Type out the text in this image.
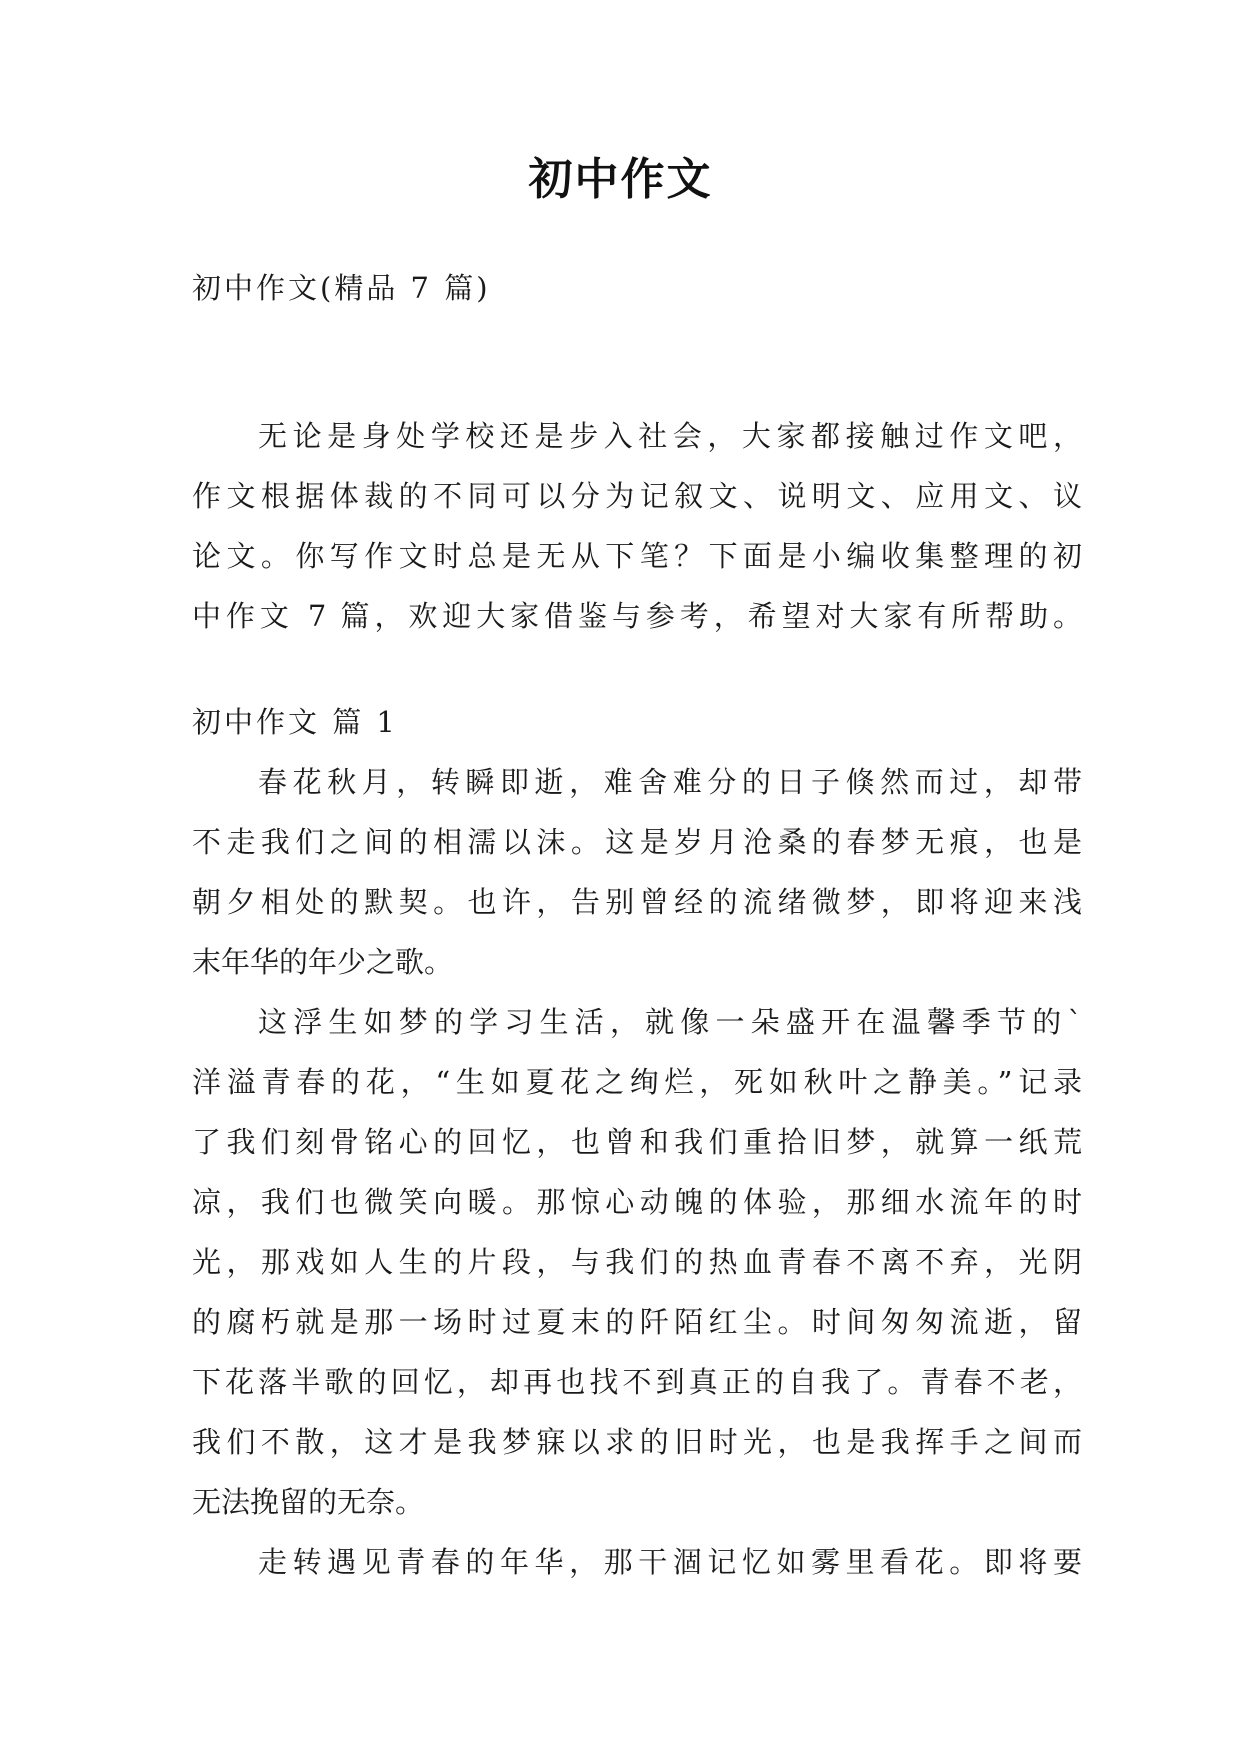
初中作文
初中作文(精品 7 篇)
无论是身处学校还是步入社会，大家都接触过作文吧，
作文根据体裁的不同可以分为记叙文、说明文、应用文、议
论文。你写作文时总是无从下笔？下面是小编收集整理的初
中作文 7 篇，欢迎大家借鉴与参考，希望对大家有所帮助。
初中作文 篇 1
春花秋月，转瞬即逝，难舍难分的日子倏然而过，却带
不走我们之间的相濡以沫。这是岁月沧桑的春梦无痕，也是
朝夕相处的默契。也许，告别曾经的流绪微梦，即将迎来浅
末年华的年少之歌。
这浮生如梦的学习生活，就像一朵盛开在温馨季节的`
洋溢青春的花，“生如夏花之绚烂，死如秋叶之静美。”记录
了我们刻骨铭心的回忆，也曾和我们重拾旧梦，就算一纸荒
凉，我们也微笑向暖。那惊心动魄的体验，那细水流年的时
光，那戏如人生的片段，与我们的热血青春不离不弃，光阴
的腐朽就是那一场时过夏末的阡陌红尘。时间匆匆流逝，留
下花落半歌的回忆，却再也找不到真正的自我了。青春不老，
我们不散，这才是我梦寐以求的旧时光，也是我挥手之间而
无法挽留的无奈。
走转遇见青春的年华，那干涸记忆如雾里看花。即将要
